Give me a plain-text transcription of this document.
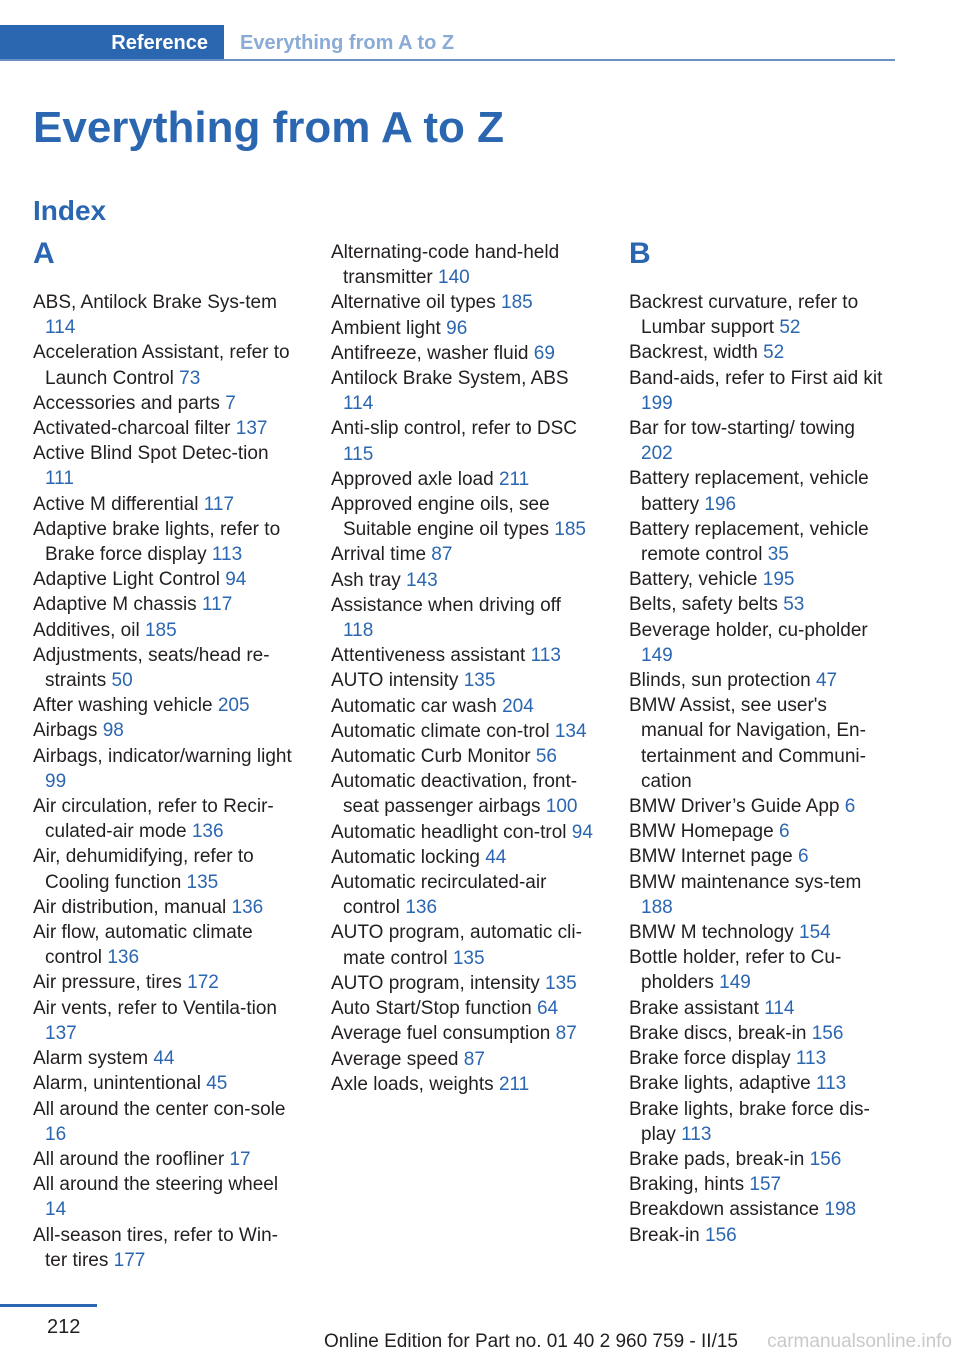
Reference	Everything from A to Z
Everything from A to Z
Index
A

ABS, Antilock Brake Sys-tem 114

Acceleration Assistant, refer to Launch Control 73

Accessories and parts 7

Activated-charcoal filter 137

Active Blind Spot Detec-tion 111

Active M differential 117

Adaptive brake lights, refer to Brake force display 113

Adaptive Light Control 94

Adaptive M chassis 117

Additives, oil 185

Adjustments, seats/head re-straints 50

After washing vehicle 205

Airbags 98

Airbags, indicator/warning light 99

Air circulation, refer to Recir-culated-air mode 136

Air, dehumidifying, refer to Cooling function 135

Air distribution, manual 136

Air flow, automatic climate control 136

Air pressure, tires 172

Air vents, refer to Ventila-tion 137

Alarm system 44

Alarm, unintentional 45

All around the center con-sole 16

All around the roofliner 17

All around the steering wheel 14

All-season tires, refer to Win-ter tires 177

Alternating-code hand-held transmitter 140

Alternative oil types 185

Ambient light 96

Antifreeze, washer fluid 69

Antilock Brake System, ABS 114

Anti-slip control, refer to DSC 115

Approved axle load 211

Approved engine oils, see Suitable engine oil types 185

Arrival time 87

Ash tray 143

Assistance when driving off 118

Attentiveness assistant 113

AUTO intensity 135

Automatic car wash 204

Automatic climate con-trol 134

Automatic Curb Monitor 56

Automatic deactivation, front-seat passenger airbags 100

Automatic headlight con-trol 94

Automatic locking 44

Automatic recirculated-air control 136

AUTO program, automatic cli-mate control 135

AUTO program, intensity 135

Auto Start/Stop function 64

Average fuel consumption 87

Average speed 87

Axle loads, weights 211

B

Backrest curvature, refer to Lumbar support 52

Backrest, width 52

Band-aids, refer to First aid kit 199

Bar for tow-starting/ towing 202

Battery replacement, vehicle battery 196

Battery replacement, vehicle remote control 35

Battery, vehicle 195

Belts, safety belts 53

Beverage holder, cu-pholder 149

Blinds, sun protection 47

BMW Assist, see user's manual for Navigation, En-tertainment and Communi-cation

BMW Driver’s Guide App 6

BMW Homepage 6

BMW Internet page 6

BMW maintenance sys-tem 188

BMW M technology 154

Bottle holder, refer to Cu-pholders 149

Brake assistant 114

Brake discs, break-in 156

Brake force display 113

Brake lights, adaptive 113

Brake lights, brake force dis-play 113

Brake pads, break-in 156

Braking, hints 157

Breakdown assistance 198

Break-in 156

212
Online Edition for Part no. 01 40 2 960 759 - II/15 carmanualsonline.info
